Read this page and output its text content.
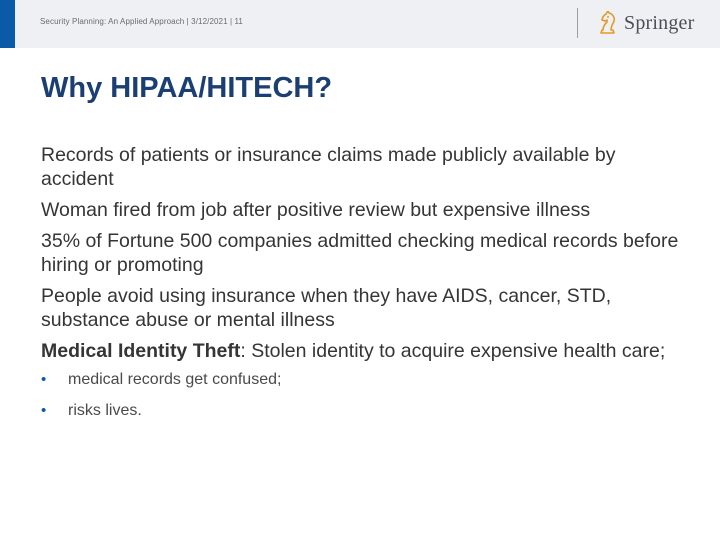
Security Planning: An Applied Approach | 3/12/2021 | 11	Springer
Why HIPAA/HITECH?

Records of patients or insurance claims made publicly available by accident

Woman fired from job after positive review but expensive illness

35% of Fortune 500 companies admitted checking medical records before hiring or promoting

People avoid using insurance when they have AIDS, cancer, STD, substance abuse or mental illness

Medical Identity Theft: Stolen identity to acquire expensive health care;

• medical records get confused;
• risks lives.
